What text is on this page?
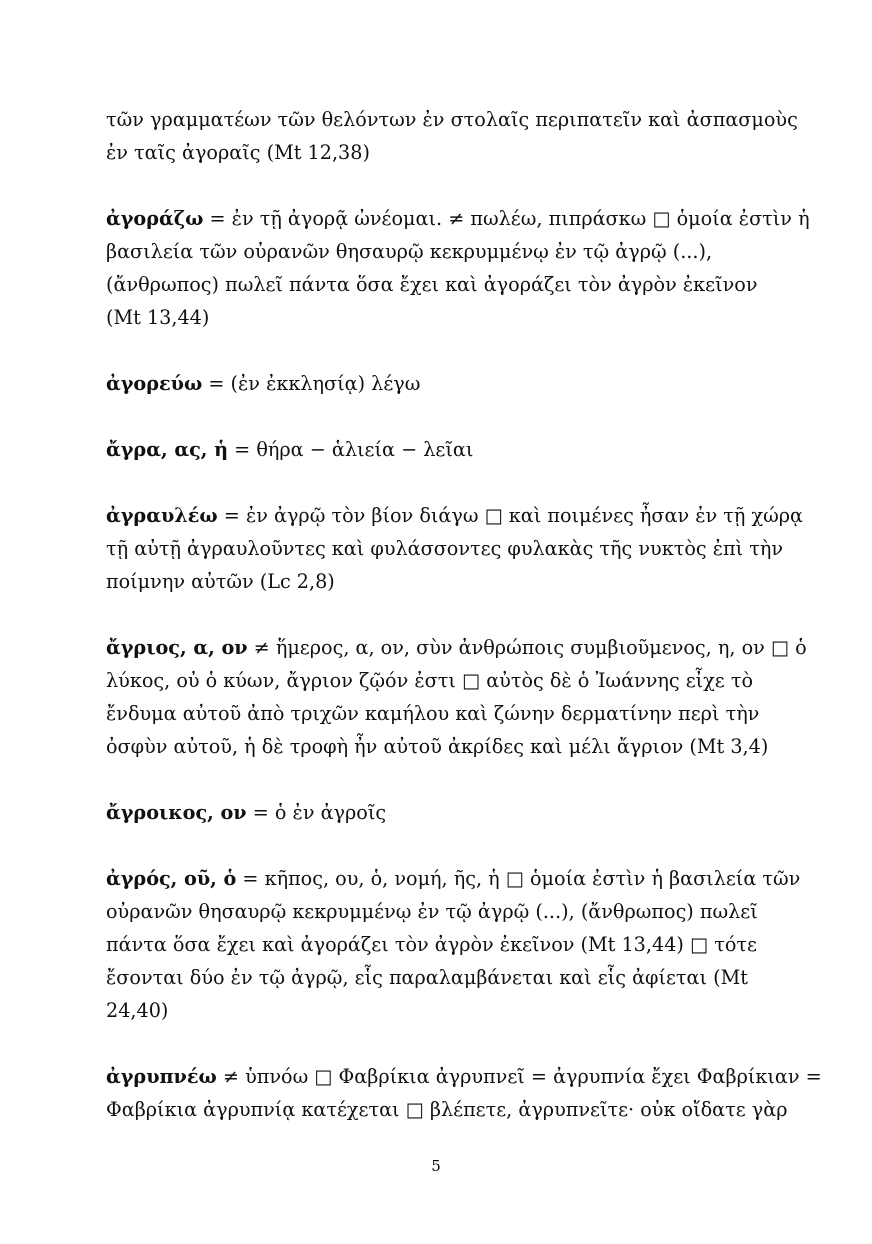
τῶν γραμματέων τῶν θελόντων ἐν στολαῖς περιπατεῖν καὶ ἀσπασμοὺς
ἐν ταῖς ἀγοραῖς (Mt 12,38)
ἀγοράζω = ἐν τῇ ἀγορᾷ ὠνέομαι. ≠ πωλέω, πιπράσκω □ ὁμοία ἐστὶν ἡ
βασιλεία τῶν οὐρανῶν θησαυρῷ κεκρυμμένῳ ἐν τῷ ἀγρῷ (...),
(ἄνθρωπος) πωλεῖ πάντα ὅσα ἔχει καὶ ἀγοράζει τὸν ἀγρὸν ἐκεῖνον
(Mt 13,44)
ἀγορεύω = (ἐν ἐκκλησίᾳ) λέγω
ἄγρα, ας, ἡ = θήρα − ἁλιεία − λεῖαι
ἀγραυλέω = ἐν ἀγρῷ τὸν βίον διάγω □ καὶ ποιμένες ἦσαν ἐν τῇ χώρᾳ
τῇ αὐτῇ ἀγραυλοῦντες καὶ φυλάσσοντες φυλακὰς τῆς νυκτὸς ἐπὶ τὴν
ποίμνην αὐτῶν (Lc 2,8)
ἄγριος, α, ον ≠ ἥμερος, α, ον, σὺν ἀνθρώποις συμβιοῦμενος, η, ον □ ὁ
λύκος, οὐ ὁ κύων, ἄγριον ζῷόν ἐστι □ αὐτὸς δὲ ὁ Ἰωάννης εἶχε τὸ
ἔνδυμα αὐτοῦ ἀπὸ τριχῶν καμήλου καὶ ζώνην δερματίνην περὶ τὴν
ὀσφὺν αὐτοῦ, ἡ δὲ τροφὴ ἦν αὐτοῦ ἀκρίδες καὶ μέλι ἄγριον (Mt 3,4)
ἄγροικος, ον = ὁ ἐν ἀγροῖς
ἀγρός, οῦ, ὁ = κῆπος, ου, ὁ, νομή, ῆς, ἡ □ ὁμοία ἐστὶν ἡ βασιλεία τῶν
οὐρανῶν θησαυρῷ κεκρυμμένῳ ἐν τῷ ἀγρῷ (...), (ἄνθρωπος) πωλεῖ
πάντα ὅσα ἔχει καὶ ἀγοράζει τὸν ἀγρὸν ἐκεῖνον (Mt 13,44) □ τότε
ἔσονται δύο ἐν τῷ ἀγρῷ, εἷς παραλαμβάνεται καὶ εἷς ἀφίεται (Mt
24,40)
ἀγρυπνέω ≠ ὑπνόω □ Φαβρίκια ἀγρυπνεῖ = ἀγρυπνία ἔχει Φαβρίκιαν =
Φαβρίκια ἀγρυπνίᾳ κατέχεται □ βλέπετε, ἀγρυπνεῖτε· οὐκ οἴδατε γὰρ
5
